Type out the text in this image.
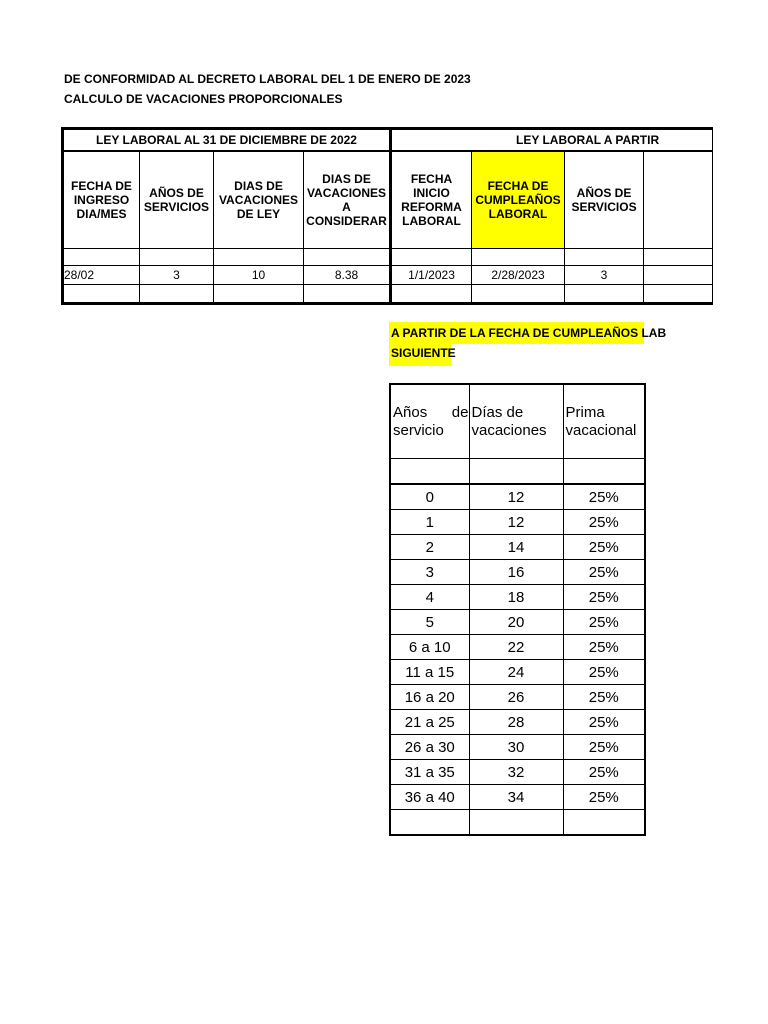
DE CONFORMIDAD AL DECRETO LABORAL DEL 1 DE ENERO DE 2023
CALCULO DE VACACIONES PROPORCIONALES
LEY LABORAL AL 31 DE DICIEMBRE DE 2022				LEY LABORAL A PARTIR			
FECHA DE INGRESO DIA/MES	AÑOS DE SERVICIOS	DIAS DE VACACIONES DE LEY	DIAS DE VACACIONES A CONSIDERAR	FECHA INICIO REFORMA LABORAL	FECHA DE CUMPLEAÑOS LABORAL	AÑOS DE SERVICIOS	

28/02	3	10	8.38	1/1/2023	2/28/2023	3	

A PARTIR DE LA FECHA DE CUMPLEAÑOS LAB
SIGUIENTE
Años de servicio	Días de vacaciones	Prima vacacional

0	12	25%
1	12	25%
2	14	25%
3	16	25%
4	18	25%
5	20	25%
6 a 10	22	25%
11 a 15	24	25%
16 a 20	26	25%
21 a 25	28	25%
26 a 30	30	25%
31 a 35	32	25%
36 a 40	34	25%
